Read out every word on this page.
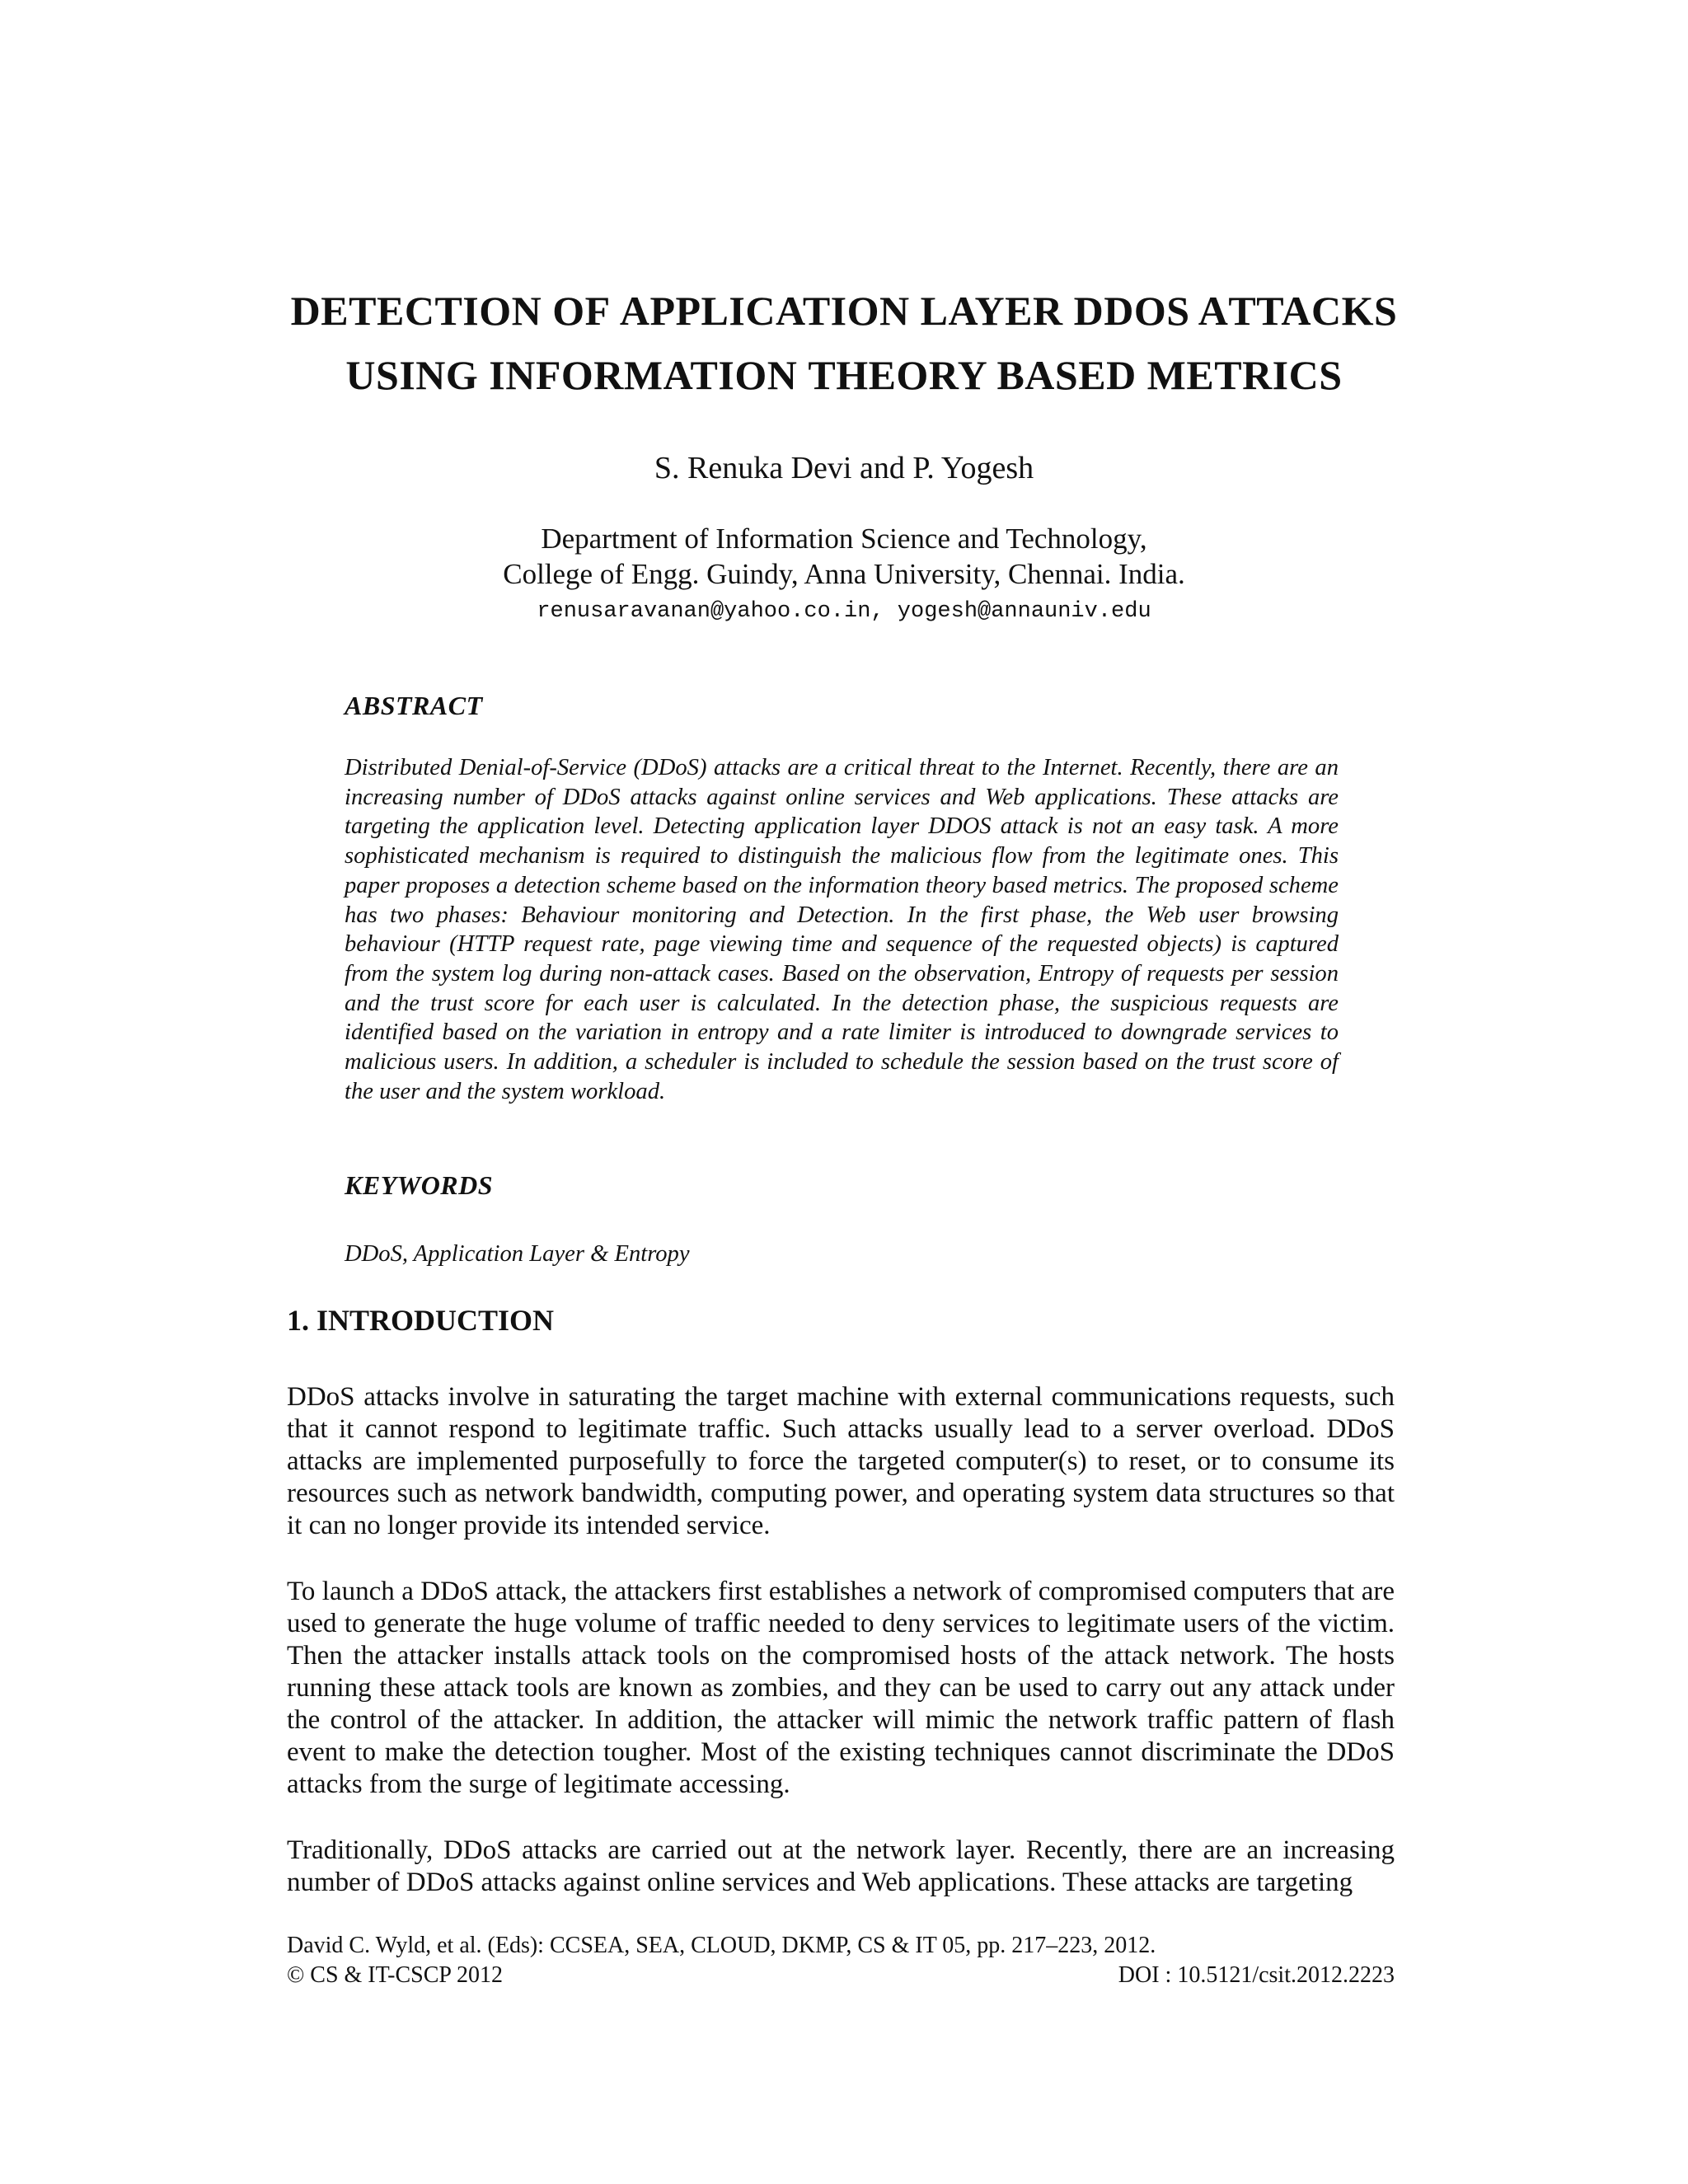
DETECTION OF APPLICATION LAYER DDOS ATTACKS
USING INFORMATION THEORY BASED METRICS
S. Renuka Devi and P. Yogesh
Department of Information Science and Technology,
College of Engg. Guindy, Anna University, Chennai. India.
renusaravanan@yahoo.co.in, yogesh@annauniv.edu
ABSTRACT
Distributed Denial-of-Service (DDoS) attacks are a critical threat to the Internet. Recently, there are an increasing number of DDoS attacks against online services and Web applications. These attacks are targeting the application level. Detecting application layer DDOS attack is not an easy task. A more sophisticated mechanism is required to distinguish the malicious flow from the legitimate ones. This paper proposes a detection scheme based on the information theory based metrics. The proposed scheme has two phases: Behaviour monitoring and Detection. In the first phase, the Web user browsing behaviour (HTTP request rate, page viewing time and sequence of the requested objects) is captured from the system log during non-attack cases. Based on the observation, Entropy of requests per session and the trust score for each user is calculated. In the detection phase, the suspicious requests are identified based on the variation in entropy and a rate limiter is introduced to downgrade services to malicious users. In addition, a scheduler is included to schedule the session based on the trust score of the user and the system workload.
KEYWORDS
DDoS, Application Layer & Entropy
1. INTRODUCTION
DDoS attacks involve in saturating the target machine with external communications requests, such that it cannot respond to legitimate traffic. Such attacks usually lead to a server overload. DDoS attacks are implemented purposefully to force the targeted computer(s) to reset, or to consume its resources such as network bandwidth, computing power, and operating system data structures so that it can no longer provide its intended service.
To launch a DDoS attack, the attackers first establishes a network of compromised computers that are used to generate the huge volume of traffic needed to deny services to legitimate users of the victim. Then the attacker installs attack tools on the compromised hosts of the attack network. The hosts running these attack tools are known as zombies, and they can be used to carry out any attack under the control of the attacker. In addition, the attacker will mimic the network traffic pattern of flash event to make the detection tougher. Most of the existing techniques cannot discriminate the DDoS attacks from the surge of legitimate accessing.
Traditionally, DDoS attacks are carried out at the network layer. Recently, there are an increasing number of DDoS attacks against online services and Web applications. These attacks are targeting
David C. Wyld, et al. (Eds): CCSEA, SEA, CLOUD, DKMP, CS & IT 05, pp. 217–223, 2012.
© CS & IT-CSCP 2012	DOI : 10.5121/csit.2012.2223
